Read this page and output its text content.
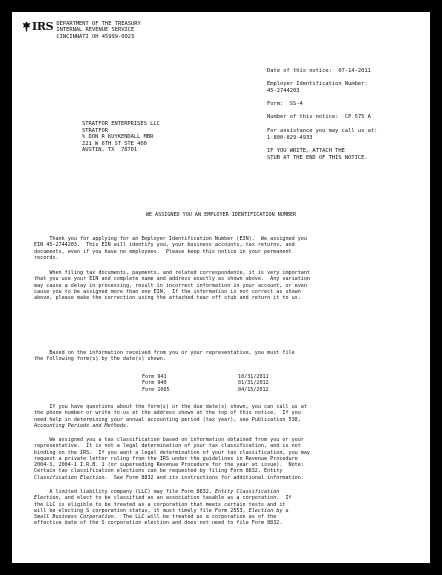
IRS DEPARTMENT OF THE TREASURY
INTERNAL REVENUE SERVICE
CINCINNATI OH 45999-0023
Date of this notice:  07-14-2011
Employer Identification Number:
45-2744203
Form:  SS-4
Number of this notice:  CP 575 A
For assistance you may call us at:
1-800-829-4933
IF YOU WRITE, ATTACH THE
STUB AT THE END OF THIS NOTICE.
STRATFOR ENTERPRISES LLC
STRATFOR
% DON R KUYKENDALL MBR
221 W 6TH ST STE 400
AUSTIN, TX  78701
WE ASSIGNED YOU AN EMPLOYER IDENTIFICATION NUMBER
Thank you for applying for an Employer Identification Number (EIN).  We assigned you
EIN 45-2744203.  This EIN will identify you, your business accounts, tax returns, and
documents, even if you have no employees.  Please keep this notice in your permanent
records.
When filing tax documents, payments, and related correspondence, it is very important
that you use your EIN and complete name and address exactly as shown above.  Any variation
may cause a delay in processing, result in incorrect information in your account, or even
cause you to be assigned more than one EIN.  If the information is not correct as shown
above, please make the correction using the attached tear off stub and return it to us.
Based on the information received from you or your representative, you must file
the following form(s) by the date(s) shown.
Form 941	10/31/2011
Form 940	01/31/2012
Form 1065	04/15/2012
If you have questions about the form(s) or the due date(s) shown, you can call us at
the phone number or write to us at the address shown at the top of this notice.  If you
need help in determining your annual accounting period (tax year), see Publication 538,
Accounting Periods and Methods.
We assigned you a tax classification based on information obtained from you or your
representative.  It is not a legal determination of your tax classification, and is not
binding on the IRS.  If you want a legal determination of your tax classification, you may
request a private letter ruling from the IRS under the guidelines in Revenue Procedure
2004-1, 2004-1 I.R.B. 1 (or superseding Revenue Procedure for the year at issue).  Note:
Certain tax classification elections can be requested by filing Form 8832, Entity
Classification Election.  See Form 8832 and its instructions for additional information.
A limited liability company (LLC) may file Form 8832, Entity Classification
Election, and elect to be classified as an association taxable as a corporation.  If
the LLC is eligible to be treated as a corporation that meets certain tests and it
will be electing S corporation status, it must timely file Form 2553, Election by a
Small Business Corporation.  The LLC will be treated as a corporation as of the
effective date of the S corporation election and does not need to file Form 8832.
